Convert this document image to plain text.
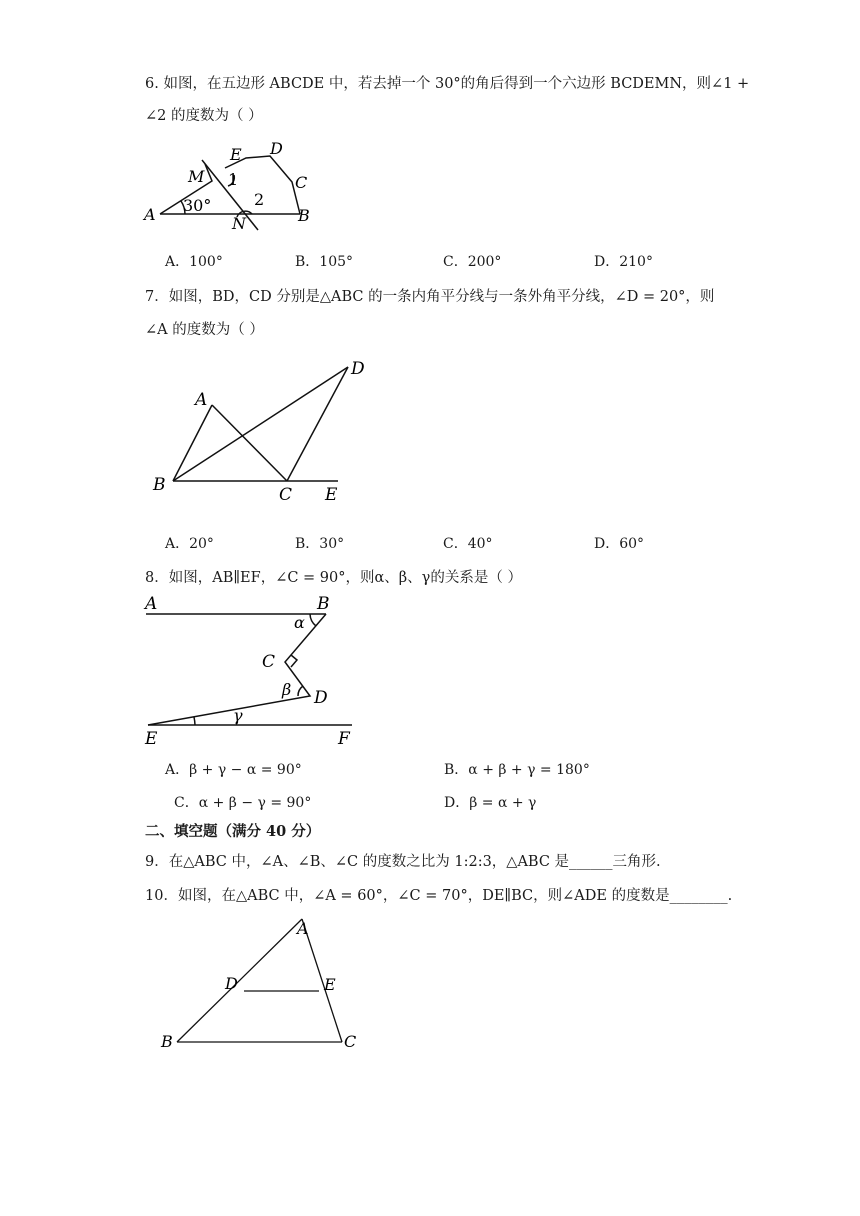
6. 如图，在五边形 ABCDE 中，若去掉一个 30°的角后得到一个六边形 BCDEMN，则∠1 +
∠2 的度数为（ ）
A	B
C
D
E
M
N
1
2
30°
A．100°	B．105°	C．200°	D．210°
7．如图，BD，CD 分别是△ABC 的一条内角平分线与一条外角平分线，∠D = 20°，则
∠A 的度数为（ ）
A
B	C
D
E
A．20°	B．30°	C．40°	D．60°
8．如图，AB∥EF，∠C = 90°，则α、β、γ的关系是（ ）
A	B
C
D
E	F
α
β
γ
A．β + γ − α = 90°	B．α + β + γ = 180°
C．α + β − γ = 90°	D．β = α + γ
二、填空题（满分 40 分）
9．在△ABC 中，∠A、∠B、∠C 的度数之比为 1:2:3，△ABC 是______三角形.
10．如图，在△ABC 中，∠A = 60°，∠C = 70°，DE∥BC，则∠ADE 的度数是________.
A
B	C
D	E
